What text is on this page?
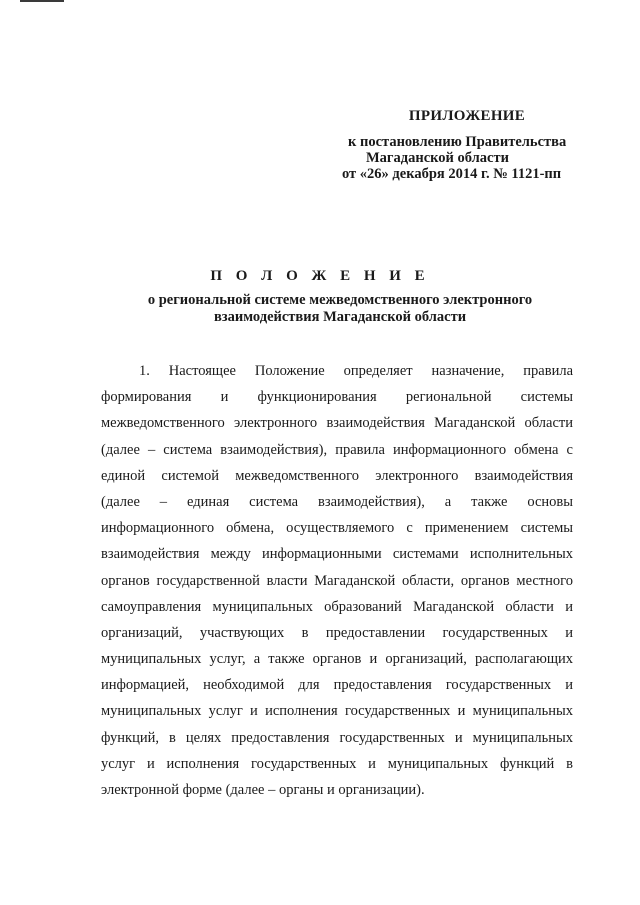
ПРИЛОЖЕНИЕ
к постановлению Правительства
Магаданской области
от «26» декабря 2014 г. № 1121-пп
П О Л О Ж Е Н И Е
о региональной системе межведомственного электронного
взаимодействия Магаданской области
1. Настоящее Положение определяет назначение, правила
формирования и функционирования региональной системы
межведомственного электронного взаимодействия Магаданской области
(далее – система взаимодействия), правила информационного обмена с
единой системой межведомственного электронного взаимодействия
(далее – единая система взаимодействия), а также основы
информационного обмена, осуществляемого с применением системы
взаимодействия между информационными системами исполнительных
органов государственной власти Магаданской области, органов местного
самоуправления муниципальных образований Магаданской области и
организаций, участвующих в предоставлении государственных и
муниципальных услуг, а также органов и организаций, располагающих
информацией, необходимой для предоставления государственных и
муниципальных услуг и исполнения государственных и муниципальных
функций, в целях предоставления государственных и муниципальных
услуг и исполнения государственных и муниципальных функций в
электронной форме (далее – органы и организации).
